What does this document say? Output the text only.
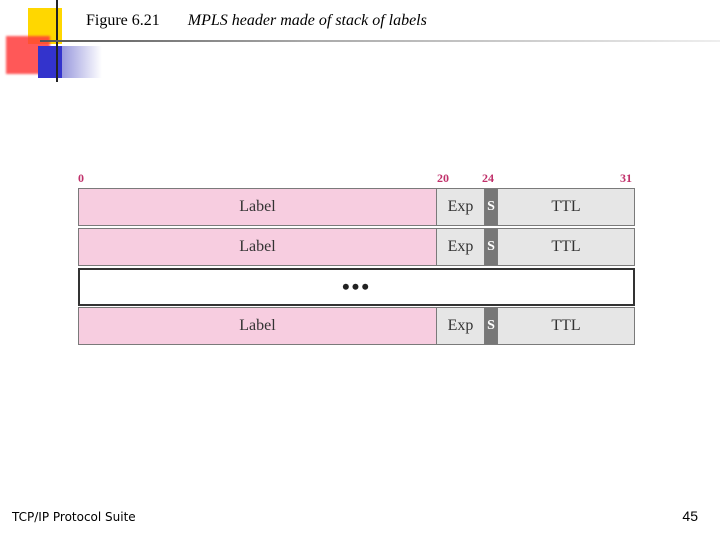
Figure 6.21 MPLS header made of stack of labels
0	20	24	31
Label	Exp S	TTL
Label	Exp S	TTL
•••
Label	Exp S	TTL
TCP/IP Protocol Suite	45
